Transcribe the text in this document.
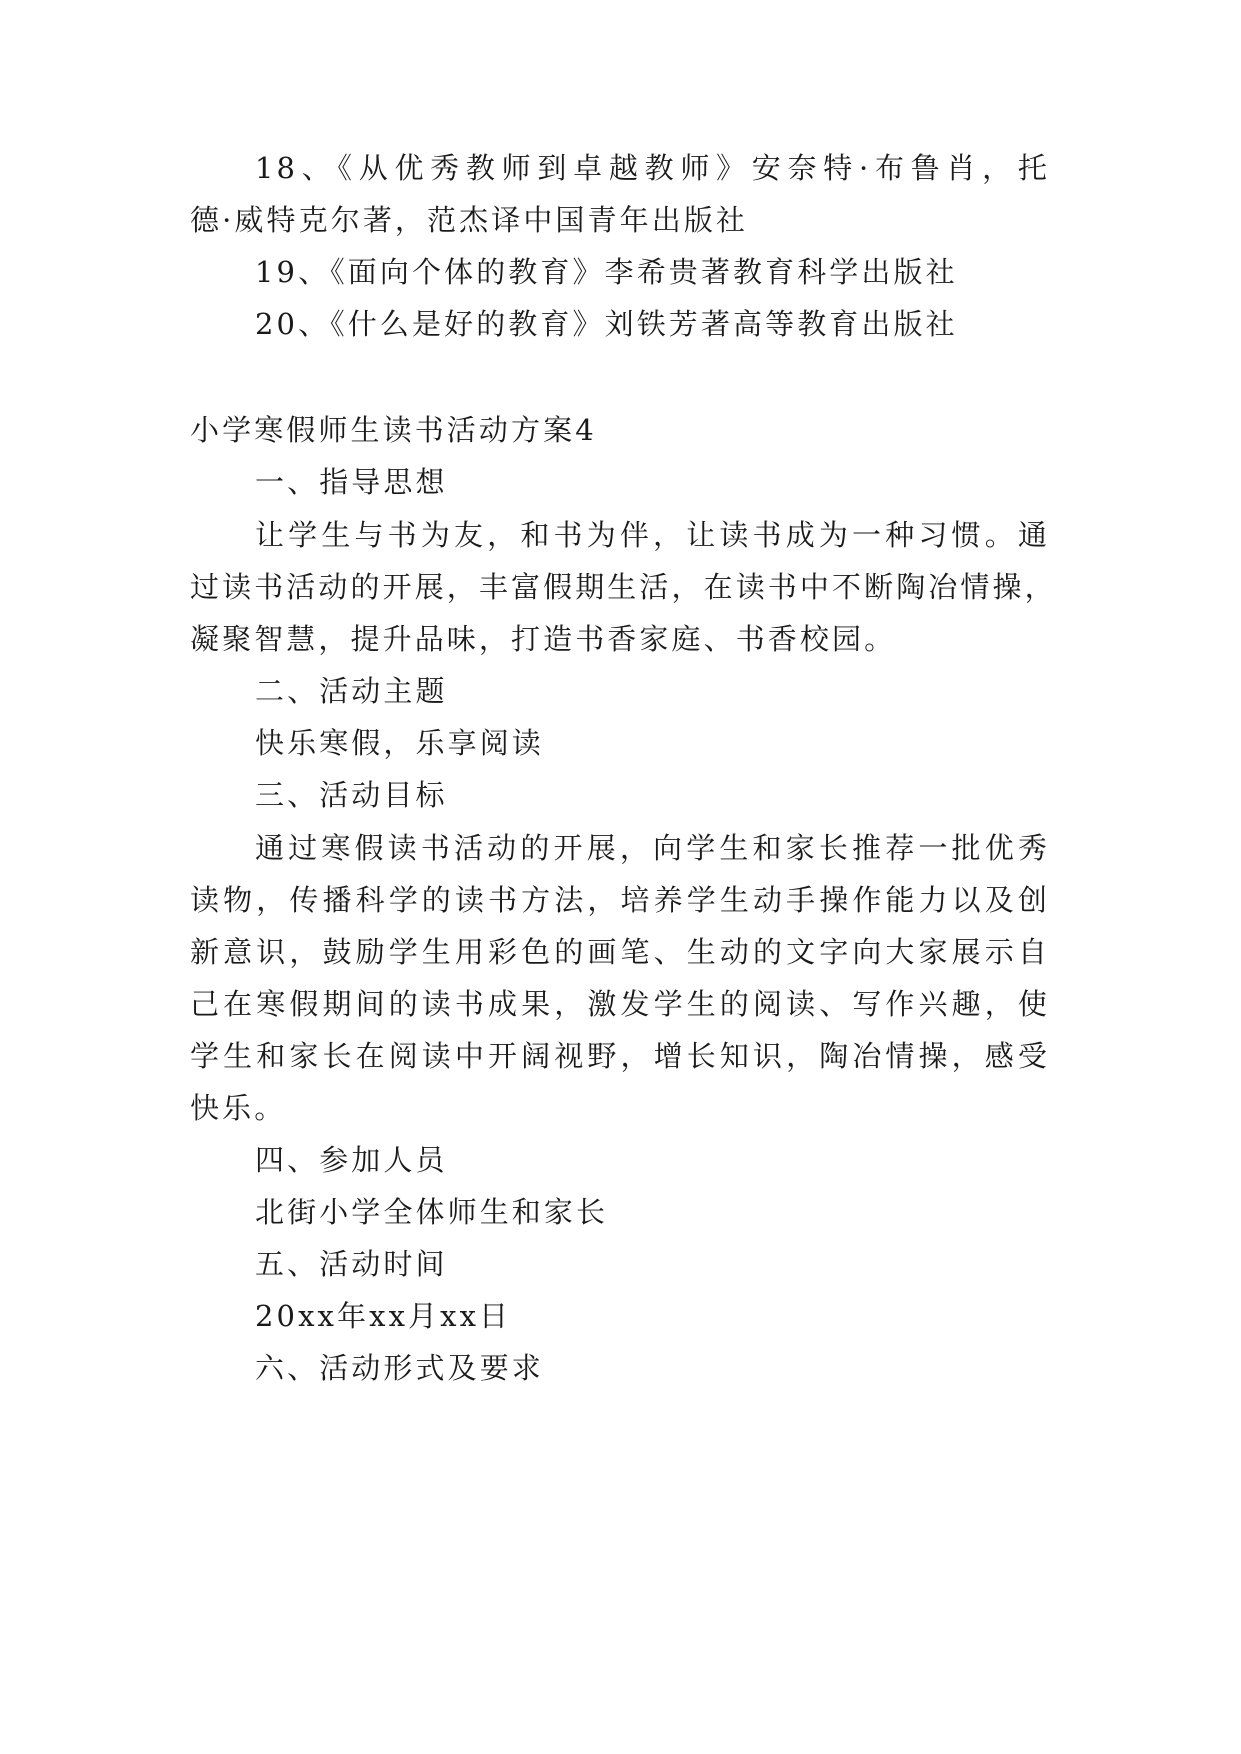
18、《从优秀教师到卓越教师》安奈特·布鲁肖，托
德·威特克尔著，范杰译中国青年出版社
19、《面向个体的教育》李希贵著教育科学出版社
20、《什么是好的教育》刘铁芳著高等教育出版社
小学寒假师生读书活动方案4
一、指导思想
让学生与书为友，和书为伴，让读书成为一种习惯。通
过读书活动的开展，丰富假期生活，在读书中不断陶冶情操，
凝聚智慧，提升品味，打造书香家庭、书香校园。
二、活动主题
快乐寒假，乐享阅读
三、活动目标
通过寒假读书活动的开展，向学生和家长推荐一批优秀
读物，传播科学的读书方法，培养学生动手操作能力以及创
新意识，鼓励学生用彩色的画笔、生动的文字向大家展示自
己在寒假期间的读书成果，激发学生的阅读、写作兴趣，使
学生和家长在阅读中开阔视野，增长知识，陶冶情操，感受
快乐。
四、参加人员
北街小学全体师生和家长
五、活动时间
20xx年xx月xx日
六、活动形式及要求
